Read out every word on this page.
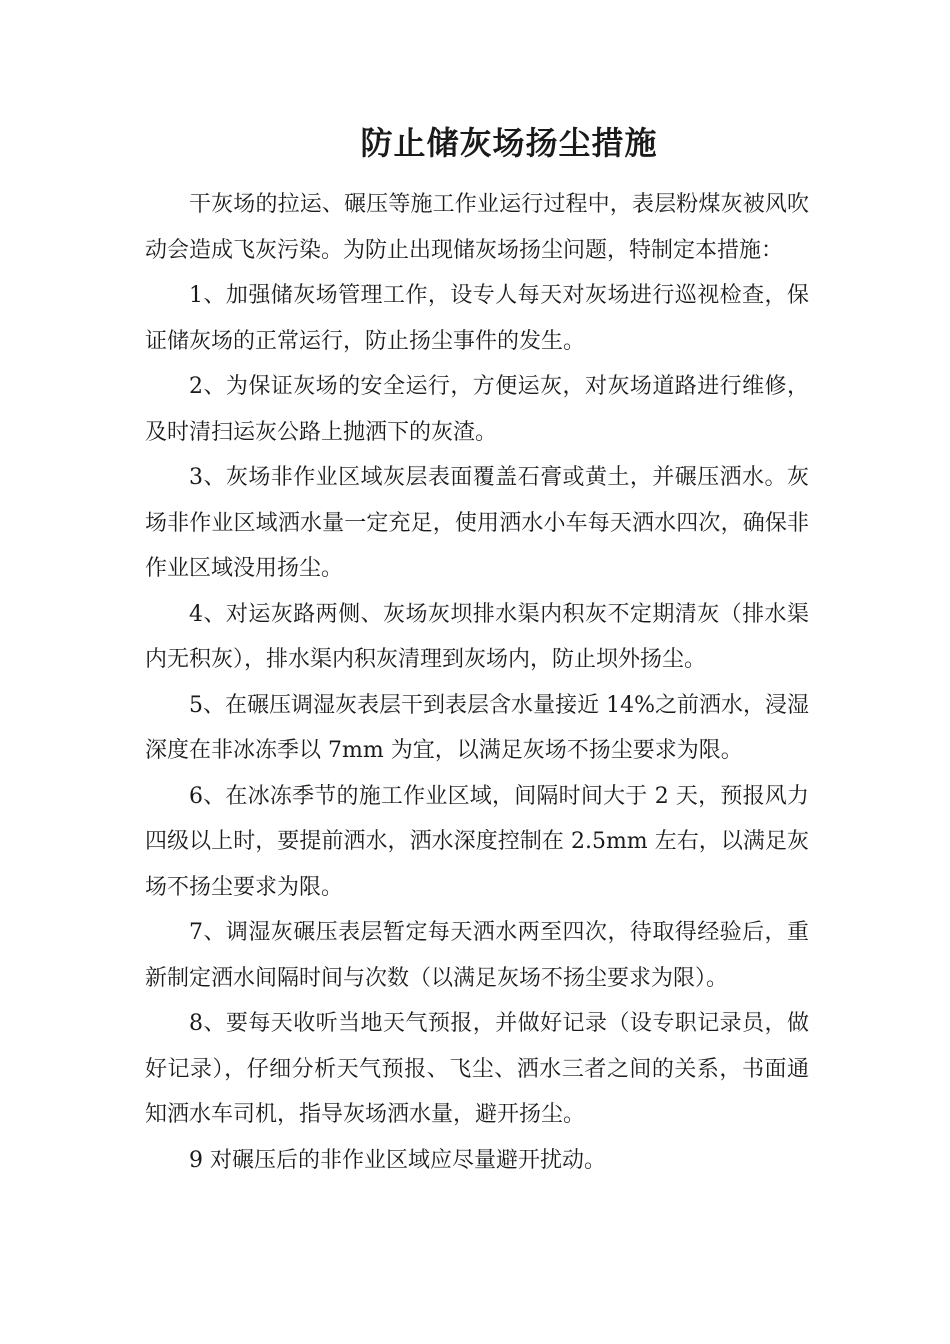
防止储灰场扬尘措施

干灰场的拉运、碾压等施工作业运行过程中，表层粉煤灰被风吹动会造成飞灰污染。为防止出现储灰场扬尘问题，特制定本措施：

1、加强储灰场管理工作，设专人每天对灰场进行巡视检查，保证储灰场的正常运行，防止扬尘事件的发生。

2、为保证灰场的安全运行，方便运灰，对灰场道路进行维修，及时清扫运灰公路上抛洒下的灰渣。

3、灰场非作业区域灰层表面覆盖石膏或黄土，并碾压洒水。灰场非作业区域洒水量一定充足，使用洒水小车每天洒水四次，确保非作业区域没用扬尘。

4、对运灰路两侧、灰场灰坝排水渠内积灰不定期清灰（排水渠内无积灰），排水渠内积灰清理到灰场内，防止坝外扬尘。

5、在碾压调湿灰表层干到表层含水量接近 14%之前洒水，浸湿深度在非冰冻季以 7mm 为宜，以满足灰场不扬尘要求为限。

6、在冰冻季节的施工作业区域，间隔时间大于 2 天，预报风力四级以上时，要提前洒水，洒水深度控制在 2.5mm 左右，以满足灰场不扬尘要求为限。

7、调湿灰碾压表层暂定每天洒水两至四次，待取得经验后，重新制定洒水间隔时间与次数（以满足灰场不扬尘要求为限）。

8、要每天收听当地天气预报，并做好记录（设专职记录员，做好记录），仔细分析天气预报、飞尘、洒水三者之间的关系，书面通知洒水车司机，指导灰场洒水量，避开扬尘。

9 对碾压后的非作业区域应尽量避开扰动。
